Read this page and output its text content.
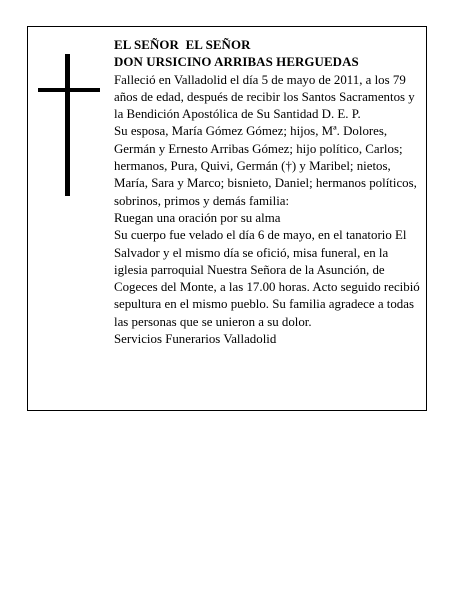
EL SEÑOR  EL SEÑOR

DON URSICINO ARRIBAS HERGUEDAS

Falleció en Valladolid el día 5 de mayo de 2011, a los 79 años de edad, después de recibir los Santos Sacramentos y la Bendición Apostólica de Su Santidad D. E. P.

Su esposa, María Gómez Gómez; hijos, Mª. Dolores, Germán y Ernesto Arribas Gómez; hijo político, Carlos; hermanos, Pura, Quivi, Germán (†) y Maribel; nietos, María, Sara y Marco; bisnieto, Daniel; hermanos políticos, sobrinos, primos y demás familia:

Ruegan una oración por su alma

Su cuerpo fue velado el día 6 de mayo, en el tanatorio El Salvador y el mismo día se ofició, misa funeral, en la iglesia parroquial Nuestra Señora de la Asunción, de Cogeces del Monte, a las 17.00 horas. Acto seguido recibió sepultura en el mismo pueblo. Su familia agradece a todas las personas que se unieron a su dolor.

Servicios Funerarios Valladolid
